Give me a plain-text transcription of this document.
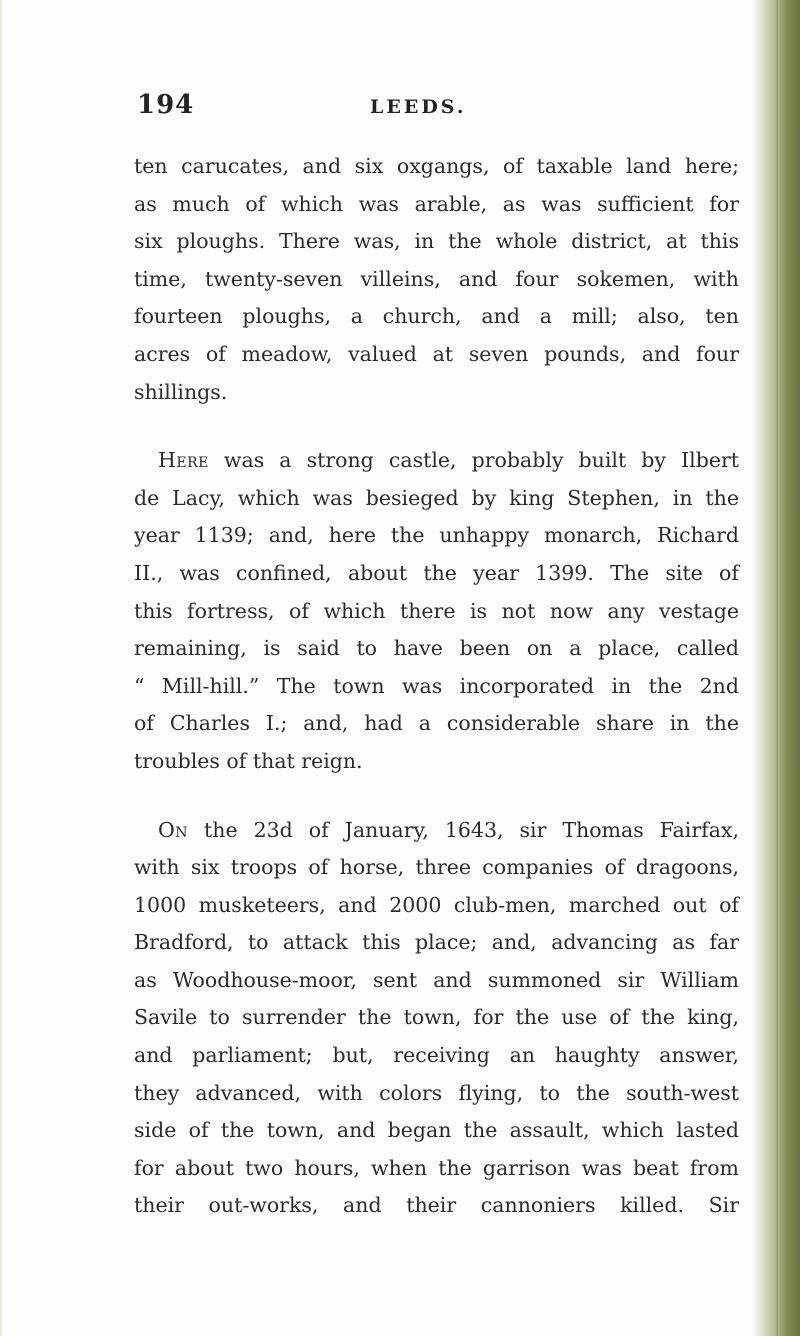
194	LEEDS.
ten carucates, and six oxgangs, of taxable land here;
as much of which was arable, as was sufficient for
six ploughs. There was, in the whole district, at this
time, twenty-seven villeins, and four sokemen, with
fourteen ploughs, a church, and a mill; also, ten
acres of meadow, valued at seven pounds, and four
shillings.
Here was a strong castle, probably built by Ilbert
de Lacy, which was besieged by king Stephen, in the
year 1139; and, here the unhappy monarch, Richard
II., was confined, about the year 1399. The site of
this fortress, of which there is not now any vestage
remaining, is said to have been on a place, called
“ Mill-hill.” The town was incorporated in the 2nd
of Charles I.; and, had a considerable share in the
troubles of that reign.
On the 23d of January, 1643, sir Thomas Fairfax,
with six troops of horse, three companies of dragoons,
1000 musketeers, and 2000 club-men, marched out of
Bradford, to attack this place; and, advancing as far
as Woodhouse-moor, sent and summoned sir William
Savile to surrender the town, for the use of the king,
and parliament; but, receiving an haughty answer,
they advanced, with colors flying, to the south-west
side of the town, and began the assault, which lasted
for about two hours, when the garrison was beat from
their out-works, and their cannoniers killed. Sir
